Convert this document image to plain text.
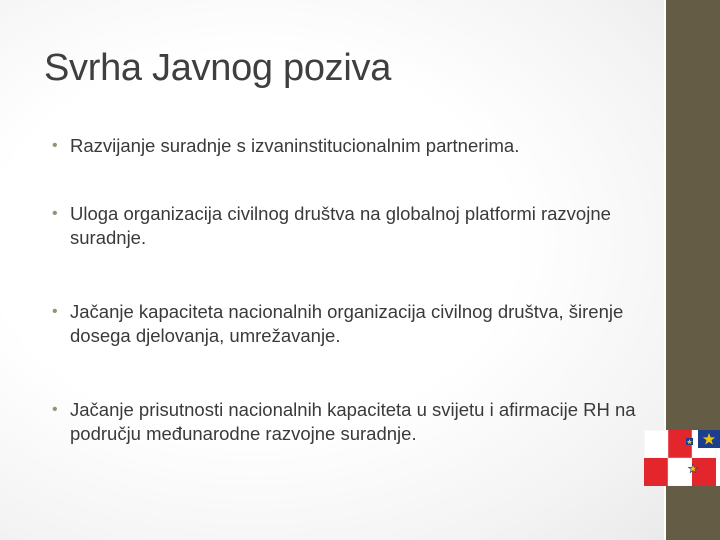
Svrha Javnog poziva
• Razvijanje suradnje s izvaninstitucionalnim partnerima.
• Uloga organizacija civilnog društva na globalnoj platformi razvojne suradnje.
• Jačanje kapaciteta nacionalnih organizacija civilnog društva, širenje dosega djelovanja, umrežavanje.
• Jačanje prisutnosti nacionalnih kapaciteta u svijetu i afirmacije RH na području međunarodne razvojne suradnje.
